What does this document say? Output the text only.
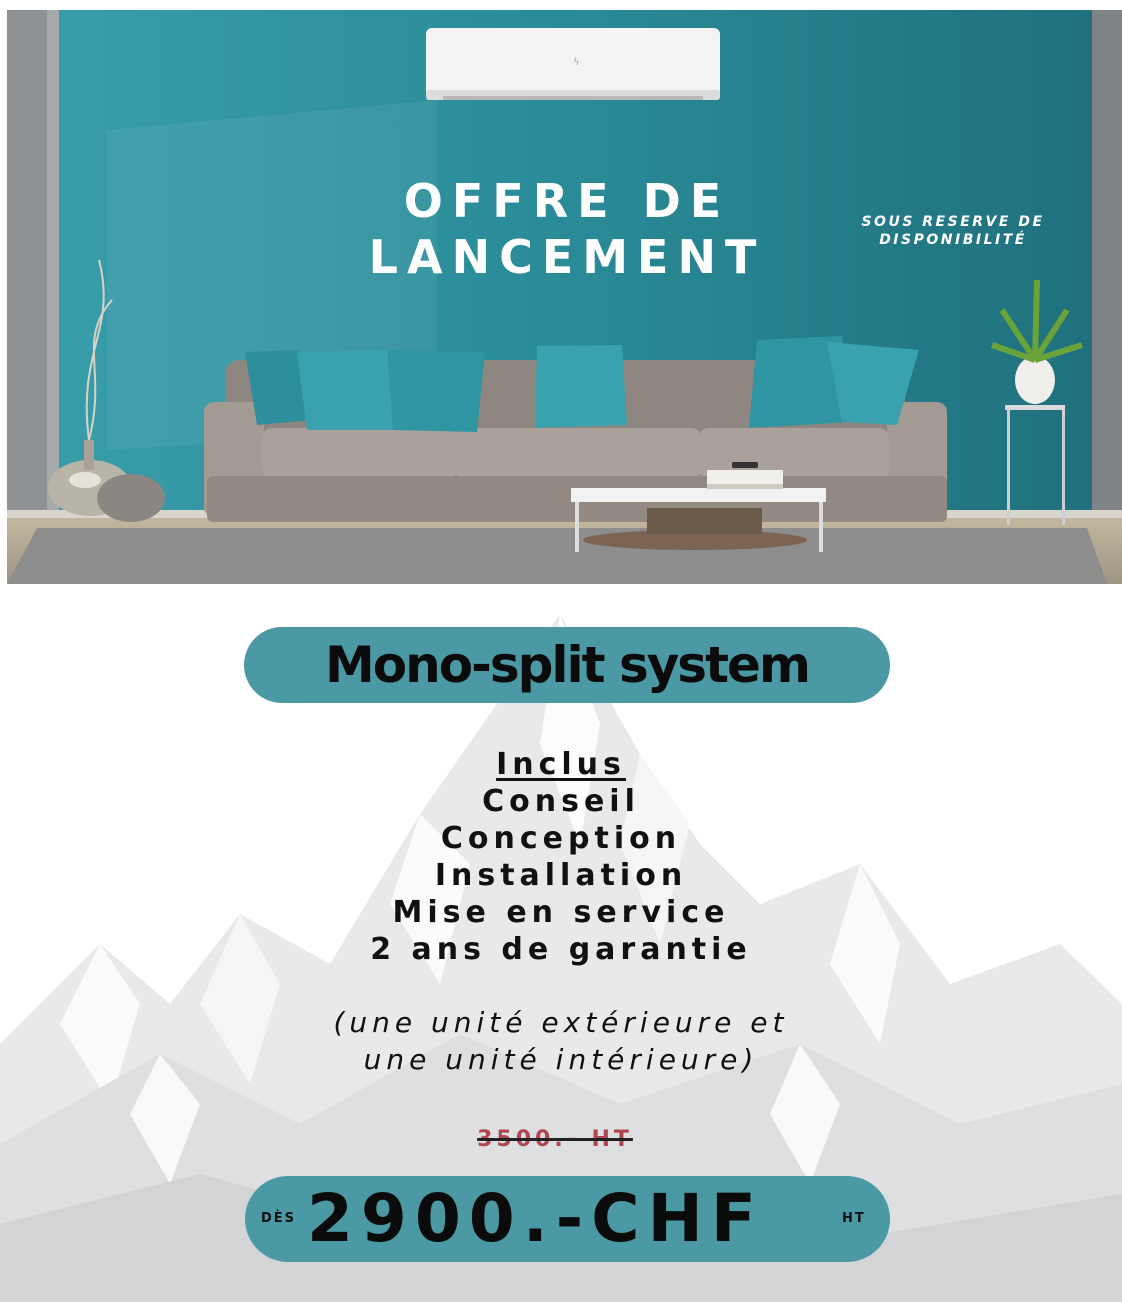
ϟ
OFFRE DE
LANCEMENT
SOUS RESERVE DE
DISPONIBILITÉ
Mono-split system
Inclus
Conseil
Conception
Installation
Mise en service
2 ans de garantie
(une unité extérieure et
une unité intérieure)
3500.- HT
DÈS 2900.-CHF	HT
